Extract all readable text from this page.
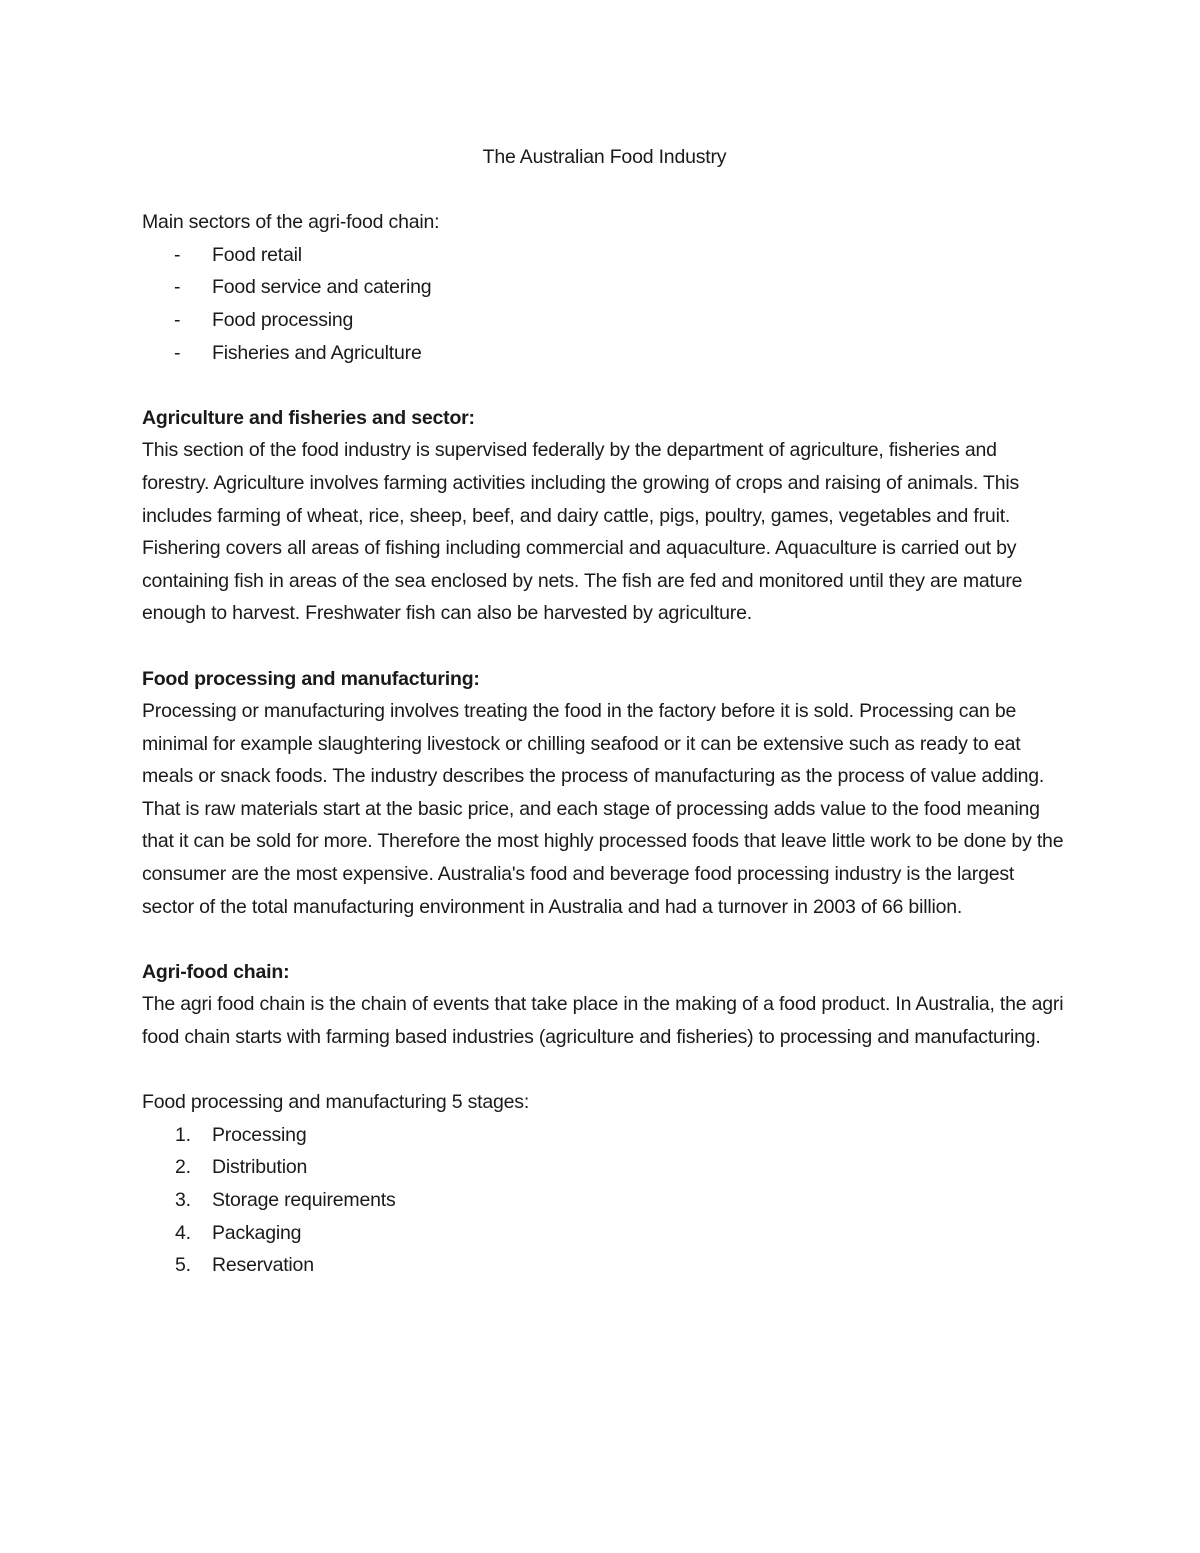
The Australian Food Industry

Main sectors of the agri-food chain:

- Food retail
- Food service and catering
- Food processing
- Fisheries and Agriculture

Agriculture and fisheries and sector:

This section of the food industry is supervised federally by the department of agriculture, fisheries and forestry. Agriculture involves farming activities including the growing of crops and raising of animals. This includes farming of wheat, rice, sheep, beef, and dairy cattle, pigs, poultry, games, vegetables and fruit. Fishering covers all areas of fishing including commercial and aquaculture. Aquaculture is carried out by containing fish in areas of the sea enclosed by nets. The fish are fed and monitored until they are mature enough to harvest. Freshwater fish can also be harvested by agriculture.

Food processing and manufacturing:

Processing or manufacturing involves treating the food in the factory before it is sold. Processing can be minimal for example slaughtering livestock or chilling seafood or it can be extensive such as ready to eat meals or snack foods. The industry describes the process of manufacturing as the process of value adding. That is raw materials start at the basic price, and each stage of processing adds value to the food meaning that it can be sold for more. Therefore the most highly processed foods that leave little work to be done by the consumer are the most expensive. Australia's food and beverage food processing industry is the largest sector of the total manufacturing environment in Australia and had a turnover in 2003 of 66 billion.

Agri-food chain:

The agri food chain is the chain of events that take place in the making of a food product. In Australia, the agri food chain starts with farming based industries (agriculture and fisheries) to processing and manufacturing.

Food processing and manufacturing 5 stages:

1. Processing
2. Distribution
3. Storage requirements
4. Packaging
5. Reservation
